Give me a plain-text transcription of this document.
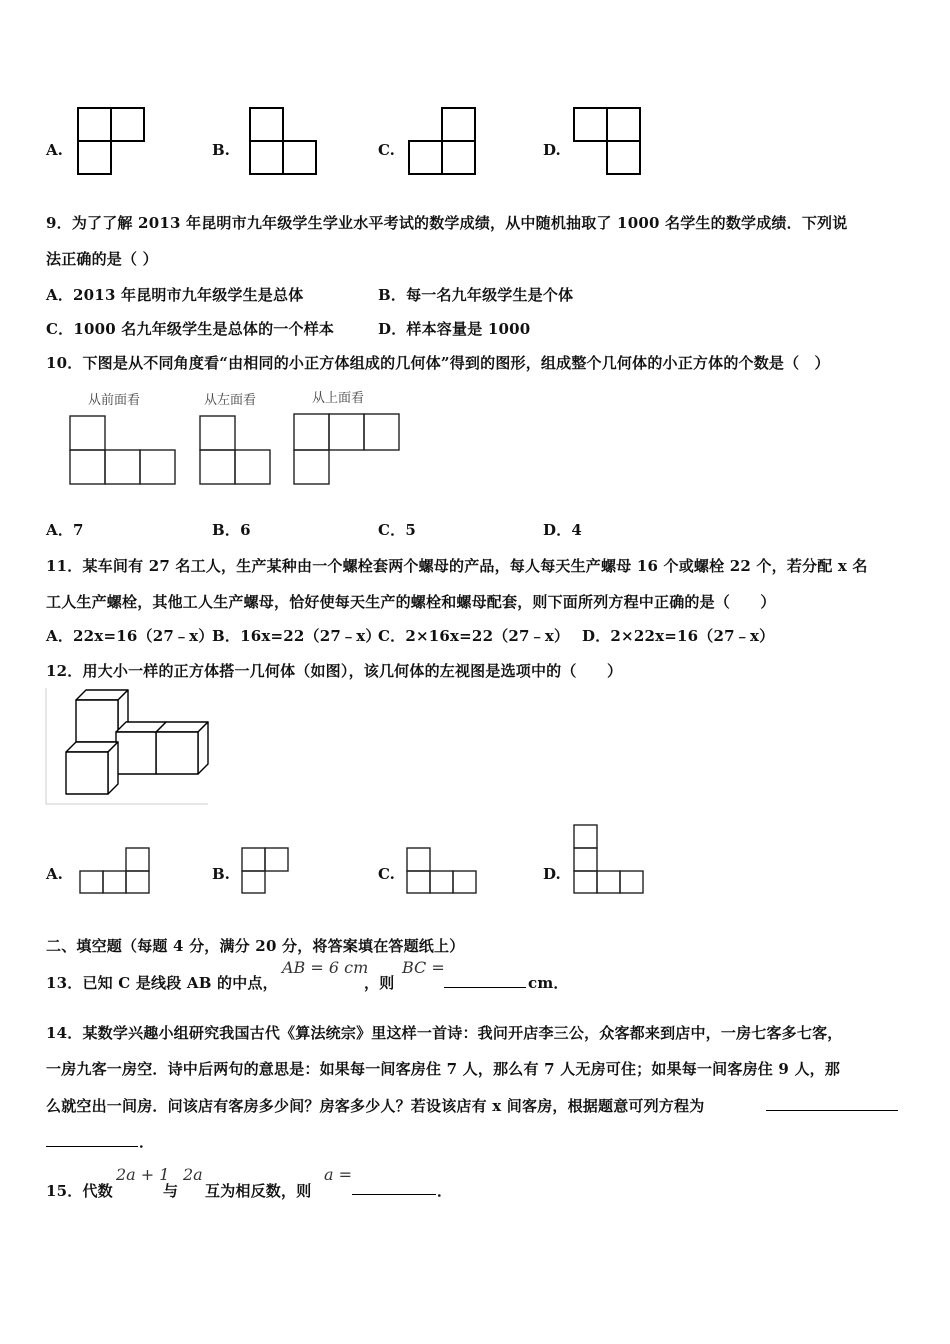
A.	B.	C.	D.
9．为了了解 2013 年昆明市九年级学生学业水平考试的数学成绩，从中随机抽取了 1000 名学生的数学成绩．下列说
法正确的是（ ）
A．2013 年昆明市九年级学生是总体	B．每一名九年级学生是个体
C．1000 名九年级学生是总体的一个样本	D．样本容量是 1000
10．下图是从不同角度看“由相同的小正方体组成的几何体”得到的图形，组成整个几何体的小正方体的个数是（　）
从前面看	从左面看	从上面看
A．7	B．6	C．5	D．4
11．某车间有 27 名工人，生产某种由一个螺栓套两个螺母的产品，每人每天生产螺母 16 个或螺栓 22 个，若分配 x 名
工人生产螺栓，其他工人生产螺母，恰好使每天生产的螺栓和螺母配套，则下面所列方程中正确的是（　　）
A．22x=16（27﹣x）
B．16x=22（27﹣x）
C．2×16x=22（27﹣x） D．2×22x=16（27﹣x）
12．用大小一样的正方体搭一几何体（如图），该几何体的左视图是选项中的（　　）
A.	B.	C.	D.
二、填空题（每题 4 分，满分 20 分，将答案填在答题纸上）
13．已知 C 是线段 AB 的中点，
AB = 6 cm
，则
BC =
cm．
14．某数学兴趣小组研究我国古代《算法统宗》里这样一首诗：我问开店李三公，众客都来到店中，一房七客多七客，
一房九客一房空．诗中后两句的意思是：如果每一间客房住 7 人，那么有 7 人无房可住；如果每一间客房住 9 人，那
么就空出一间房．问该店有客房多少间？房客多少人？若设该店有 x 间客房，根据题意可列方程为
．
15．代数
2a + 1
与
2a
互为相反数，则
a =
．
